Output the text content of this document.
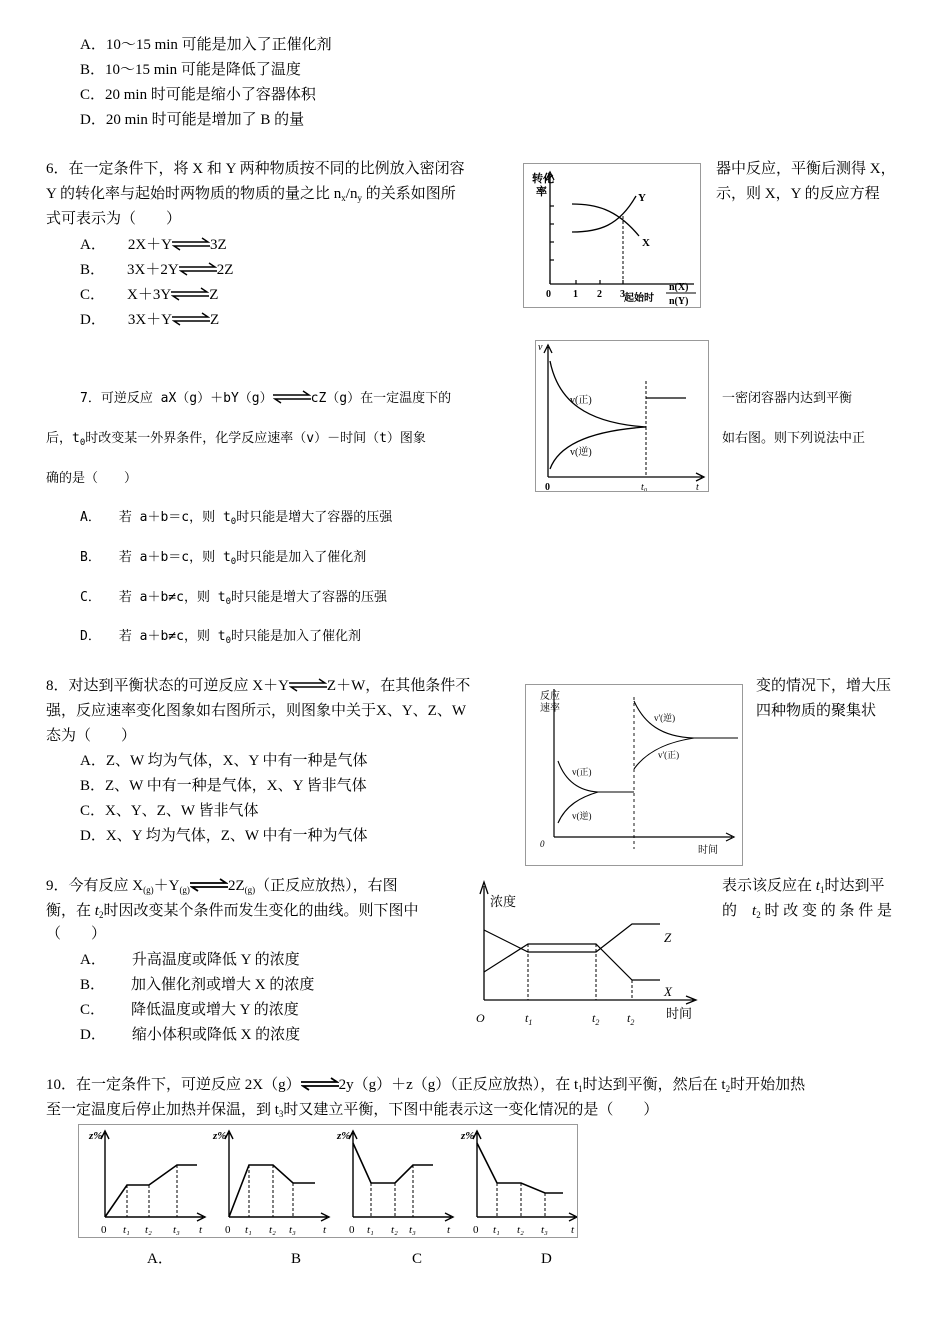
A．10～15 min 可能是加入了正催化剂
B．10～15 min 可能是降低了温度
C．20 min 时可能是缩小了容器体积
D．20 min 时可能是增加了 B 的量
6．在一定条件下，将 X 和 Y 两种物质按不同的比例放入密闭容	器中反应，平衡后测得 X，
Y 的转化率与起始时两物质的物质的量之比 $n_x/n_y$ 的关系如图所	示，则 X，Y 的反应方程
式可表示为（　　）
A． 2X＋Y⇌3Z
B． 3X＋2Y⇌2Z
C． X＋3Y⇌Z
D． 3X＋Y⇌Z
转化
率	Y
X
0 1 2 3
n(X)
起始时 n(Y)
7．可逆反应 aX（g）＋bY（g）⇌cZ（g）在一定温度下的	一密闭容器内达到平衡
后，$t_0$时改变某一外界条件，化学反应速率（v）－时间（t）图象	如右图。则下列说法中正
确的是（　　）
A． 若 a＋b＝c，则 $t_0$时只能是增大了容器的压强
B． 若 a＋b＝c，则 $t_0$时只能是加入了催化剂
C． 若 a＋b≠c，则 $t_0$时只能是增大了容器的压强
D． 若 a＋b≠c，则 $t_0$时只能是加入了催化剂
v
t
0	t₀
v(正)
v(逆)
8．对达到平衡状态的可逆反应 X＋Y⇌Z＋W，在其他条件不	变的情况下，增大压
强，反应速率变化图象如右图所示，则图象中关于X、Y、Z、W	四种物质的聚集状
态为（　　）
A．Z、W 均为气体，X、Y 中有一种是气体
B．Z、W 中有一种是气体，X、Y 皆非气体
C．X、Y、Z、W 皆非气体
D．X、Y 均为气体，Z、W 中有一种为气体
反应
速率
0
时间
v(正)
v(逆)
v'(逆)
v'(正)
9．今有反应 $X_{(g)}+Y_{(g)}\rightleftharpoons 2Z_{(g)}$（正反应放热），右图	表示该反应在 $t_1$时达到平
衡，在 $t_2$时因改变某个条件而发生变化的曲线。则下图中	的　$t_2$ 时 改 变 的 条 件 是
（　　）
A． 升高温度或降低 Y 的浓度
B． 加入催化剂或增大 X 的浓度
C． 降低温度或增大 Y 的浓度
D． 缩小体积或降低 X 的浓度
浓度
Z
X
O	$t_1$	$t_2$ $t_2$
时间
10．在一定条件下，可逆反应 2X（g）⇌2y（g）＋z（g）（正反应放热），在 $t_1$时达到平衡，然后在 $t_2$时开始加热
至一定温度后停止加热并保温，到 $t_3$时又建立平衡，下图中能表示这一变化情况的是（　　）
z%
0 t₁ t₂ t₃ t
z%
0 t₁ t₂ t₃ t
z%
0 t₁ t₂ t₃	t
z%
0 t₁ t₂ t₃ t
A．	B	C	D
